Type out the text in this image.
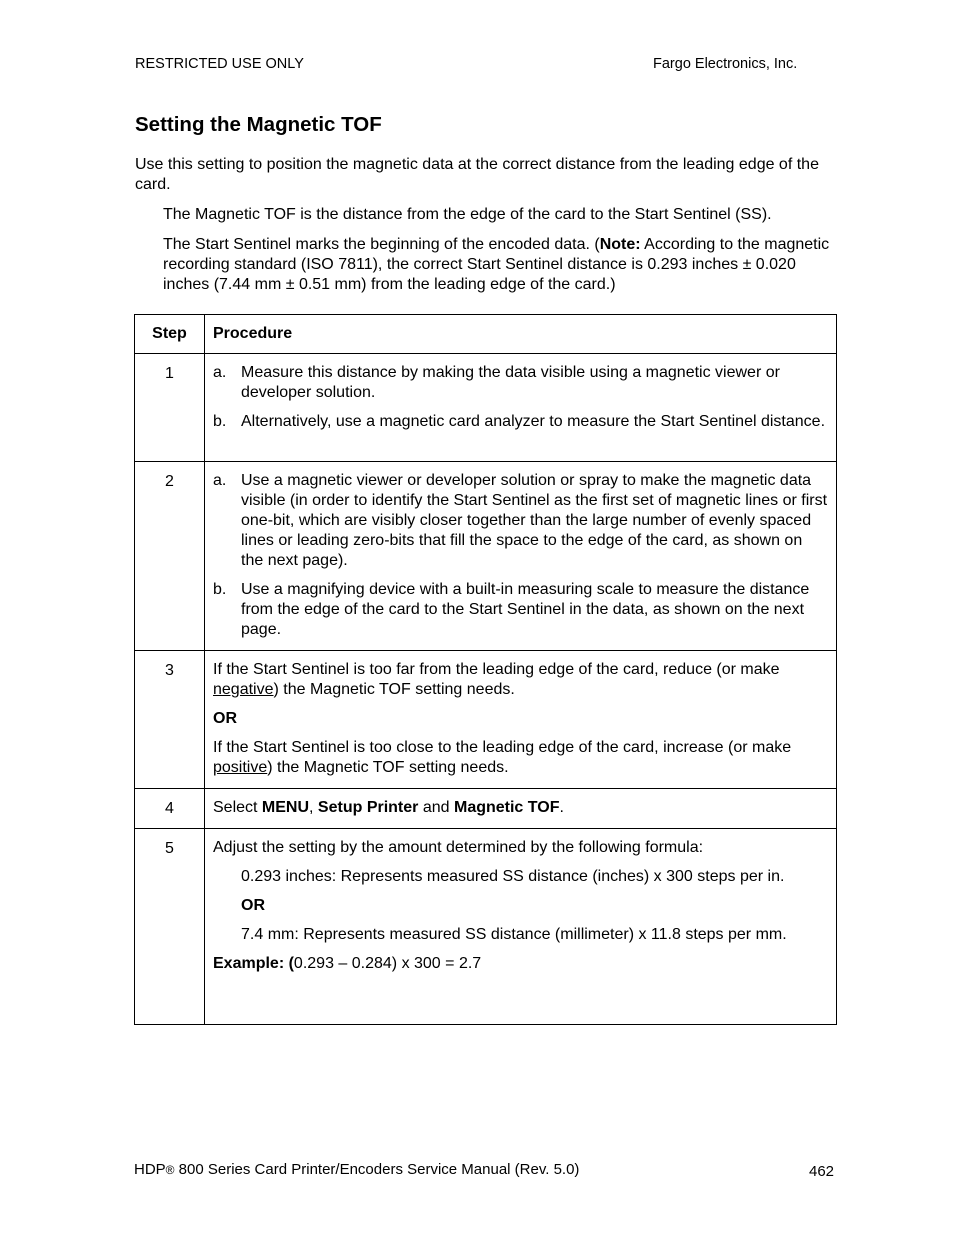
RESTRICTED USE ONLY	Fargo Electronics, Inc.
Setting the Magnetic TOF

Use this setting to position the magnetic data at the correct distance from the leading edge of the card.

The Magnetic TOF is the distance from the edge of the card to the Start Sentinel (SS).

The Start Sentinel marks the beginning of the encoded data. (Note: According to the magnetic recording standard (ISO 7811), the correct Start Sentinel distance is 0.293 inches ± 0.020 inches (7.44 mm ± 0.51 mm) from the leading edge of the card.)

Step	Procedure
1	a. Measure this distance by making the data visible using a magnetic viewer or developer solution.
b. Alternatively, use a magnetic card analyzer to measure the Start Sentinel distance.

2	a. Use a magnetic viewer or developer solution or spray to make the magnetic data visible (in order to identify the Start Sentinel as the first set of magnetic lines or first one-bit, which are visibly closer together than the large number of evenly spaced lines or leading zero-bits that fill the space to the edge of the card, as shown on the next page).
b. Use a magnifying device with a built-in measuring scale to measure the distance from the edge of the card to the Start Sentinel in the data, as shown on the next page.

3	If the Start Sentinel is too far from the leading edge of the card, reduce (or make negative) the Magnetic TOF setting needs.

OR

If the Start Sentinel is too close to the leading edge of the card, increase (or make positive) the Magnetic TOF setting needs.

4	Select MENU, Setup Printer and Magnetic TOF.
5	Adjust the setting by the amount determined by the following formula:

0.293 inches: Represents measured SS distance (inches) x 300 steps per in.

OR

7.4 mm: Represents measured SS distance (millimeter) x 11.8 steps per mm.

Example: (0.293 – 0.284) x 300 = 2.7

HDP® 800 Series Card Printer/Encoders Service Manual (Rev. 5.0)	462
